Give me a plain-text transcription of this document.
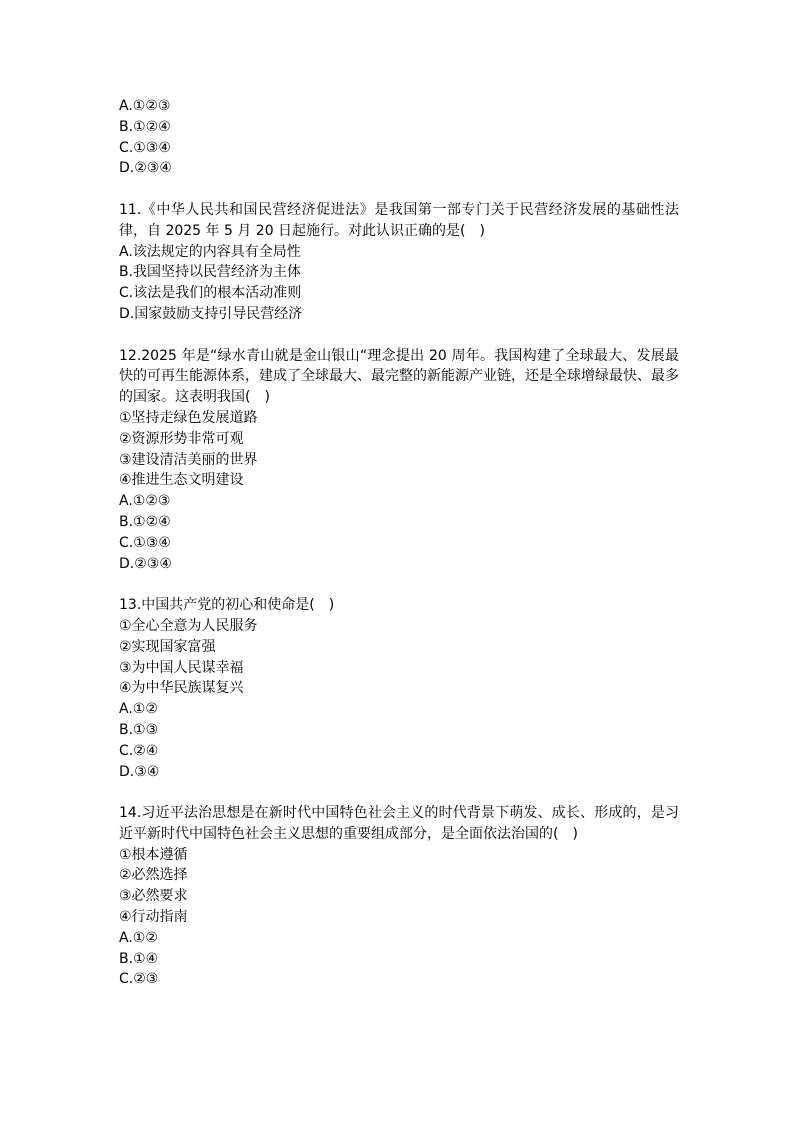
A.①②③
B.①②④
C.①③④
D.②③④
11.《中华人民共和国民营经济促进法》是我国第一部专门关于民营经济发展的基础性法律，自 2025 年 5 月 20 日起施行。对此认识正确的是(　)
A.该法规定的内容具有全局性
B.我国坚持以民营经济为主体
C.该法是我们的根本活动准则
D.国家鼓励支持引导民营经济
12.2025 年是“绿水青山就是金山银山“理念提出 20 周年。我国构建了全球最大、发展最快的可再生能源体系，建成了全球最大、最完整的新能源产业链，还是全球增绿最快、最多的国家。这表明我国(　)
①坚持走绿色发展道路
②资源形势非常可观
③建设清洁美丽的世界
④推进生态文明建设
A.①②③
B.①②④
C.①③④
D.②③④
13.中国共产党的初心和使命是(　)
①全心全意为人民服务
②实现国家富强
③为中国人民谋幸福
④为中华民族谋复兴
A.①②
B.①③
C.②④
D.③④
14.习近平法治思想是在新时代中国特色社会主义的时代背景下萌发、成长、形成的，是习近平新时代中国特色社会主义思想的重要组成部分，是全面依法治国的(　)
①根本遵循
②必然选择
③必然要求
④行动指南
A.①②
B.①④
C.②③
